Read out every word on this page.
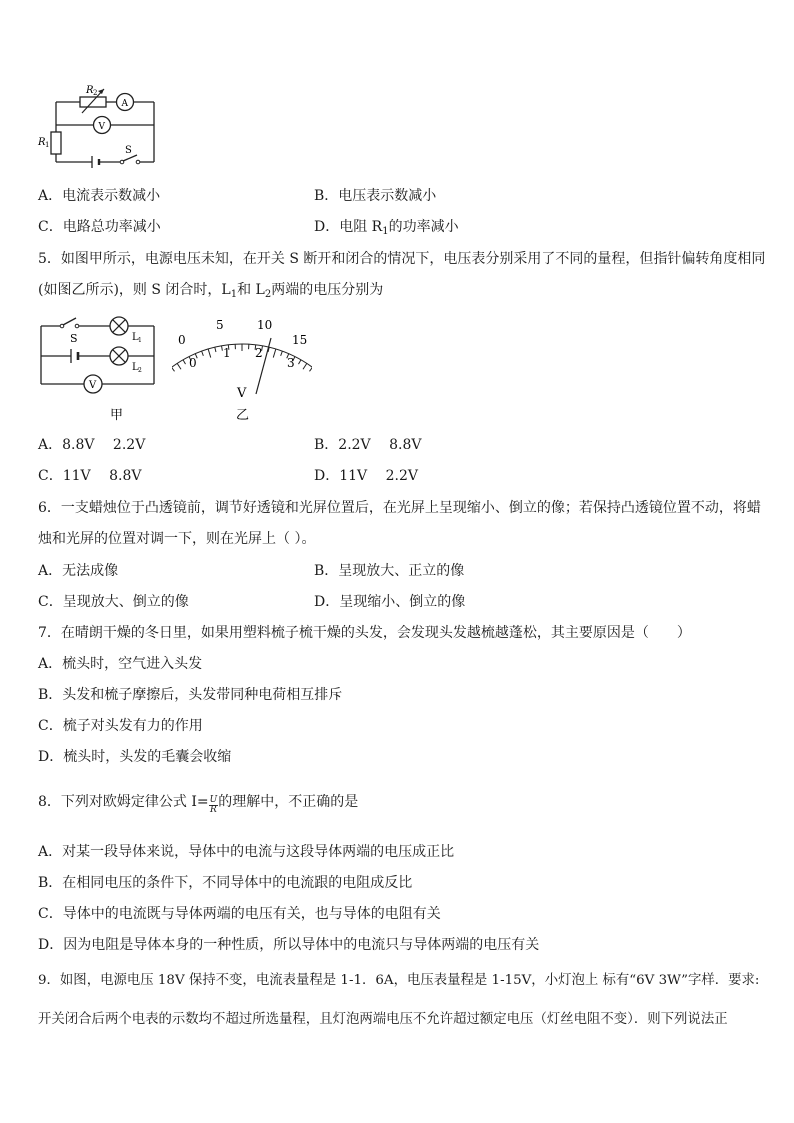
R 2
A
V
R 1	S
A．电流表示数减小	B．电压表示数减小
C．电路总功率减小	D．电阻 $R_1$的功率减小
5．如图甲所示，电源电压未知，在开关 S 断开和闭合的情况下，电压表分别采用了不同的量程，但指针偏转角度相同
(如图乙所示)，则 S 闭合时，$L_1$和 $L_2$两端的电压分别为
S	L 1
L 2
V
甲
0
5	10
15
0
1 2
3
V
乙
A．8.8V　 2.2V	B．2.2V　 8.8V
C．11V　 8.8V	D．11V　 2.2V
6．一支蜡烛位于凸透镜前，调节好透镜和光屏位置后，在光屏上呈现缩小、倒立的像；若保持凸透镜位置不动，将蜡
烛和光屏的位置对调一下，则在光屏上（ ）。
A．无法成像	B．呈现放大、正立的像
C．呈现放大、倒立的像	D．呈现缩小、倒立的像
7．在晴朗干燥的冬日里，如果用塑料梳子梳干燥的头发，会发现头发越梳越蓬松，其主要原因是（　　）
A．梳头时，空气进入头发
B．头发和梳子摩擦后，头发带同种电荷相互排斥
C．梳子对头发有力的作用
D．梳头时，头发的毛囊会收缩
8．下列对欧姆定律公式 $I= \frac{U}{R}$ 的理解中，不正确的是
A．对某一段导体来说，导体中的电流与这段导体两端的电压成正比
B．在相同电压的条件下，不同导体中的电流跟的电阻成反比
C．导体中的电流既与导体两端的电压有关，也与导体的电阻有关
D．因为电阻是导体本身的一种性质，所以导体中的电流只与导体两端的电压有关
9．如图，电源电压 18V 保持不变，电流表量程是 1-1．6A，电压表量程是 1-15V，小灯泡上 标有“6V 3W”字样．要求:
开关闭合后两个电表的示数均不超过所选量程，且灯泡两端电压不允许超过额定电压（灯丝电阻不变）．则下列说法正
